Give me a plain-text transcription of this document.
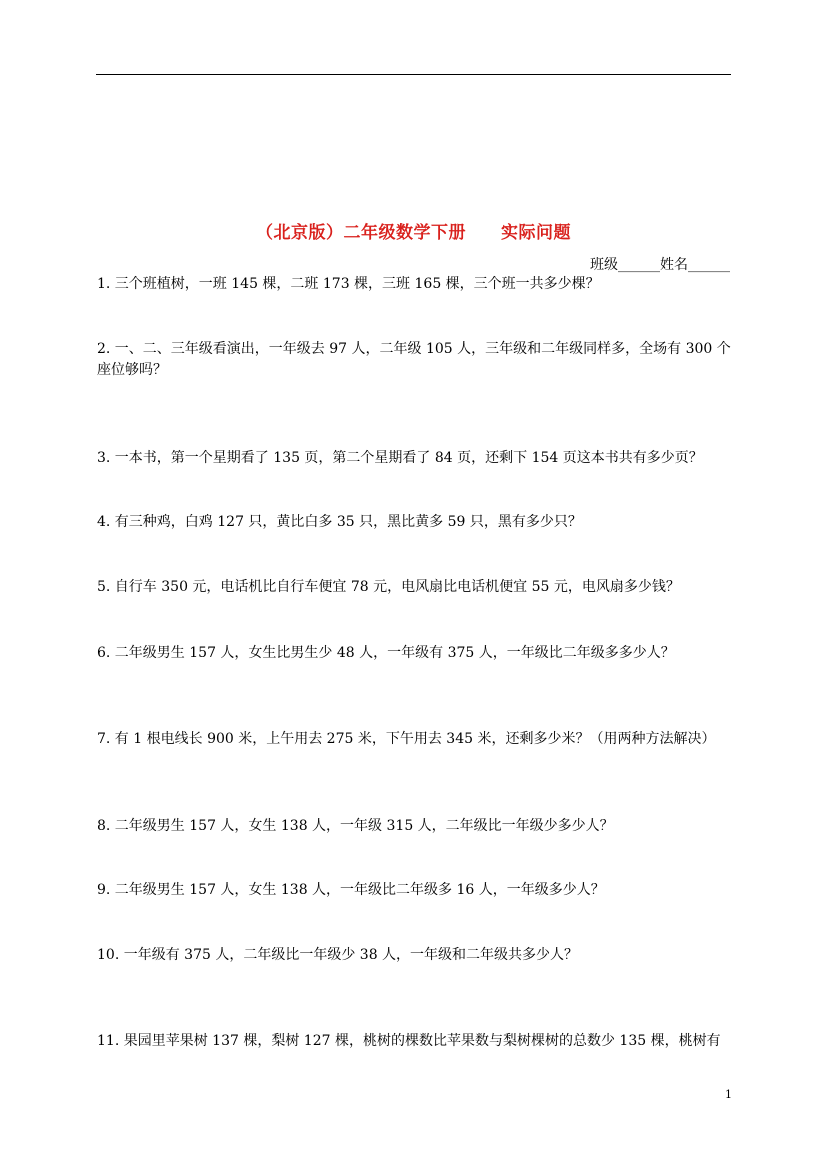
（北京版）二年级数学下册　　实际问题
班级______姓名______
1. 三个班植树，一班 145 棵，二班 173 棵，三班 165 棵，三个班一共多少棵？
2. 一、二、三年级看演出，一年级去 97 人，二年级 105 人，三年级和二年级同样多，全场有 300 个座位够吗？
3. 一本书，第一个星期看了 135 页，第二个星期看了 84 页，还剩下 154 页这本书共有多少页？
4. 有三种鸡，白鸡 127 只，黄比白多 35 只，黑比黄多 59 只，黑有多少只？
5. 自行车 350 元，电话机比自行车便宜 78 元，电风扇比电话机便宜 55 元，电风扇多少钱？
6. 二年级男生 157 人，女生比男生少 48 人，一年级有 375 人，一年级比二年级多多少人？
7. 有 1 根电线长 900 米，上午用去 275 米，下午用去 345 米，还剩多少米？（用两种方法解决）
8. 二年级男生 157 人，女生 138 人，一年级 315 人，二年级比一年级少多少人？
9. 二年级男生 157 人，女生 138 人，一年级比二年级多 16 人，一年级多少人？
10. 一年级有 375 人，二年级比一年级少 38 人，一年级和二年级共多少人？
11. 果园里苹果树 137 棵，梨树 127 棵，桃树的棵数比苹果数与梨树棵树的总数少 135 棵，桃树有
1
